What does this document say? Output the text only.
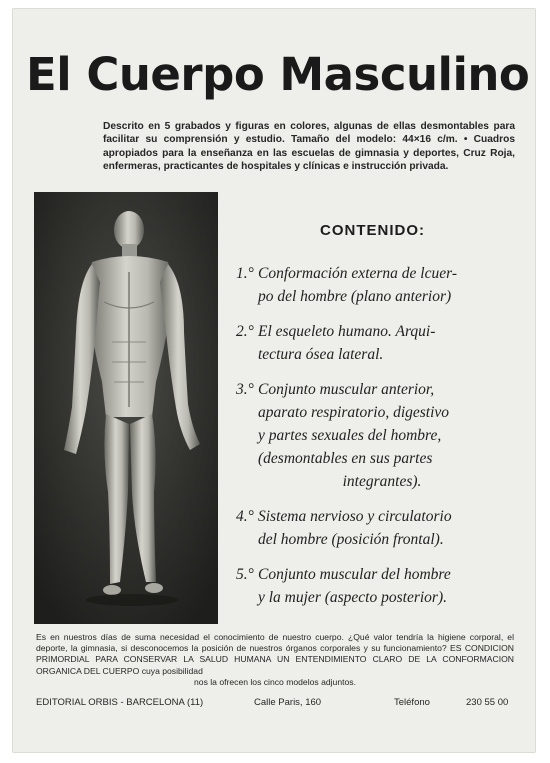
El Cuerpo Masculino
Descrito en 5 grabados y figuras en colores, algunas de ellas desmontables para facilitar su comprensión y estudio. Tamaño del modelo: 44×16 c/m. • Cuadros apropiados para la enseñanza en las escuelas de gimnasia y deportes, Cruz Roja, enfermeras, practicantes de hospitales y clínicas e instrucción privada.
CONTENIDO:
1.° Conformación externa de lcuer-
po del hombre (plano anterior)
2.° El esqueleto humano. Arqui-
tectura ósea lateral.
3.° Conjunto muscular anterior,
aparato respiratorio, digestivo
y partes sexuales del hombre,
(desmontables en sus partes
integrantes).
4.° Sistema nervioso y circulatorio
del hombre (posición frontal).
5.° Conjunto muscular del hombre
y la mujer (aspecto posterior).
Es en nuestros días de suma necesidad el conocimiento de nuestro cuerpo. ¿Qué valor tendría la higiene corporal, el deporte, la gimnasia, si desconocemos la posición de nuestros órganos corporales y su funcionamiento? ES CONDICION PRIMORDIAL PARA CONSERVAR LA SALUD HUMANA UN ENTENDIMIENTO CLARO DE LA CONFORMACION ORGANICA DEL CUERPO cuya posibilidad
nos la ofrecen los cinco modelos adjuntos.
EDITORIAL ORBIS - BARCELONA (11)	Calle Paris, 160	Teléfono	230 55 00
